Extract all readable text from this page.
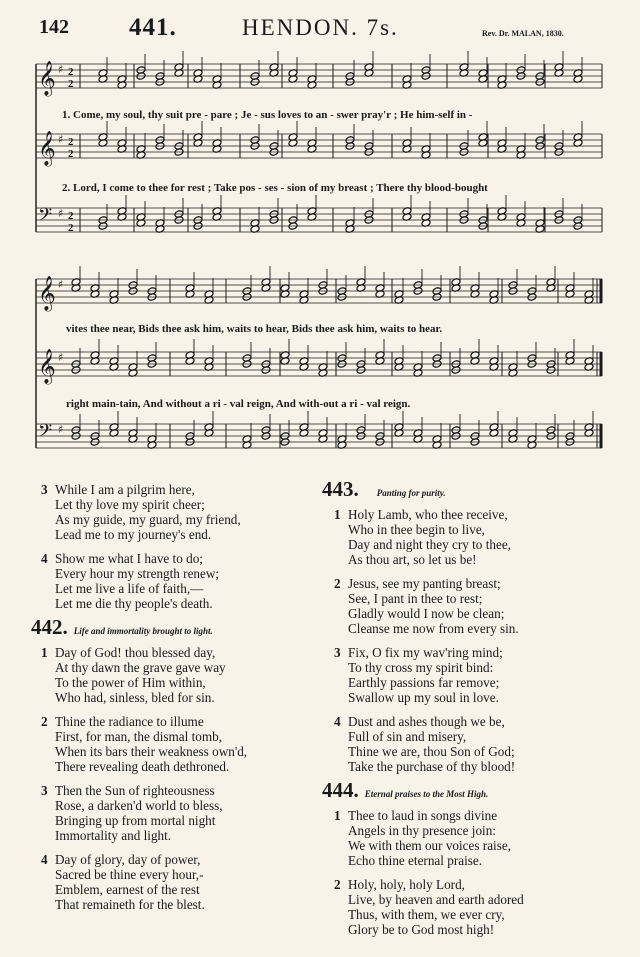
142 441.	HENDON. 7s.	Rev. Dr. MALAN, 1830.
𝄞 ♯ 2
2
𝄞 ♯ 2
2
𝄢 ♯ 2
2
𝄞 ♯
𝄞 ♯
𝄢 ♯
1. Come, my soul, thy suit pre - pare ; Je - sus loves to an - swer pray'r ; He him-self in -
2. Lord, I come to thee for rest ; Take pos - ses - sion of my breast ; There thy blood-bought
vites thee near, Bids thee ask him, waits to hear, Bids thee ask him, waits to hear.
right main-tain, And without a ri - val reign, And with-out a ri - val reign.
3 While I am a pilgrim here,
Let thy love my spirit cheer;
As my guide, my guard, my friend,
Lead me to my journey's end.
4 Show me what I have to do;
Every hour my strength renew;
Let me live a life of faith,—
Let me die thy people's death.
442. Life and immortality brought to light.
1 Day of God! thou blessed day,
At thy dawn the grave gave way
To the power of Him within,
Who had, sinless, bled for sin.
2 Thine the radiance to illume
First, for man, the dismal tomb,
When its bars their weakness own'd,
There revealing death dethroned.
3 Then the Sun of righteousness
Rose, a darken'd world to bless,
Bringing up from mortal night
Immortality and light.
4 Day of glory, day of power,
Sacred be thine every hour,-
Emblem, earnest of the rest
That remaineth for the blest.
443. Panting for purity.
1 Holy Lamb, who thee receive,
Who in thee begin to live,
Day and night they cry to thee,
As thou art, so let us be!
2 Jesus, see my panting breast;
See, I pant in thee to rest;
Gladly would I now be clean;
Cleanse me now from every sin.
3 Fix, O fix my wav'ring mind;
To thy cross my spirit bind:
Earthly passions far remove;
Swallow up my soul in love.
4 Dust and ashes though we be,
Full of sin and misery,
Thine we are, thou Son of God;
Take the purchase of thy blood!
444. Eternal praises to the Most High.
1 Thee to laud in songs divine
Angels in thy presence join:
We with them our voices raise,
Echo thine eternal praise.
2 Holy, holy, holy Lord,
Live, by heaven and earth adored
Thus, with them, we ever cry,
Glory be to God most high!
